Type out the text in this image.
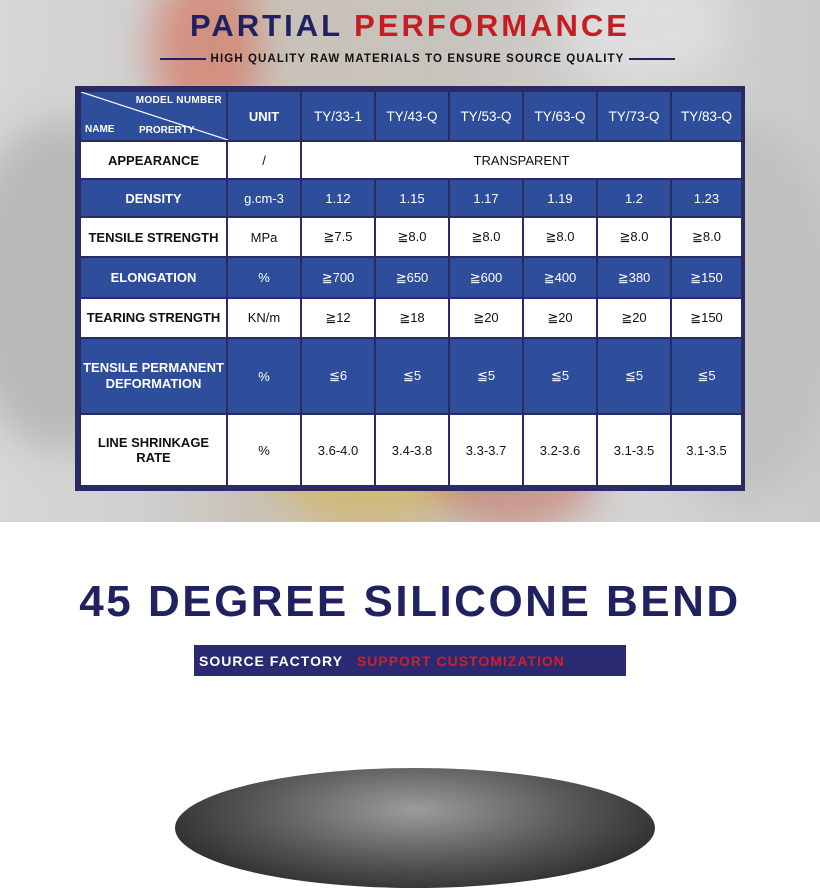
PARTIAL PERFORMANCE
HIGH QUALITY RAW MATERIALS TO ENSURE SOURCE QUALITY
MODEL NUMBER
NAME PRORERTY	UNIT	TY/33-1	TY/43-Q	TY/53-Q	TY/63-Q	TY/73-Q	TY/83-Q
APPEARANCE	/	TRANSPARENT					
DENSITY	g.cm-3	1.12	1.15	1.17	1.19	1.2	1.23
TENSILE STRENGTH	MPa	≧7.5	≧8.0	≧8.0	≧8.0	≧8.0	≧8.0
ELONGATION	%	≧700	≧650	≧600	≧400	≧380	≧150
TEARING STRENGTH	KN/m	≧12	≧18	≧20	≧20	≧20	≧150
TENSILE PERMANENT
DEFORMATION	%	≦6	≦5	≦5	≦5	≦5	≦5
LINE SHRINKAGE
RATE	%	3.6-4.0	3.4-3.8	3.3-3.7	3.2-3.6	3.1-3.5	3.1-3.5
45 DEGREE SILICONE BEND
SOURCE FACTORY SUPPORT CUSTOMIZATION
